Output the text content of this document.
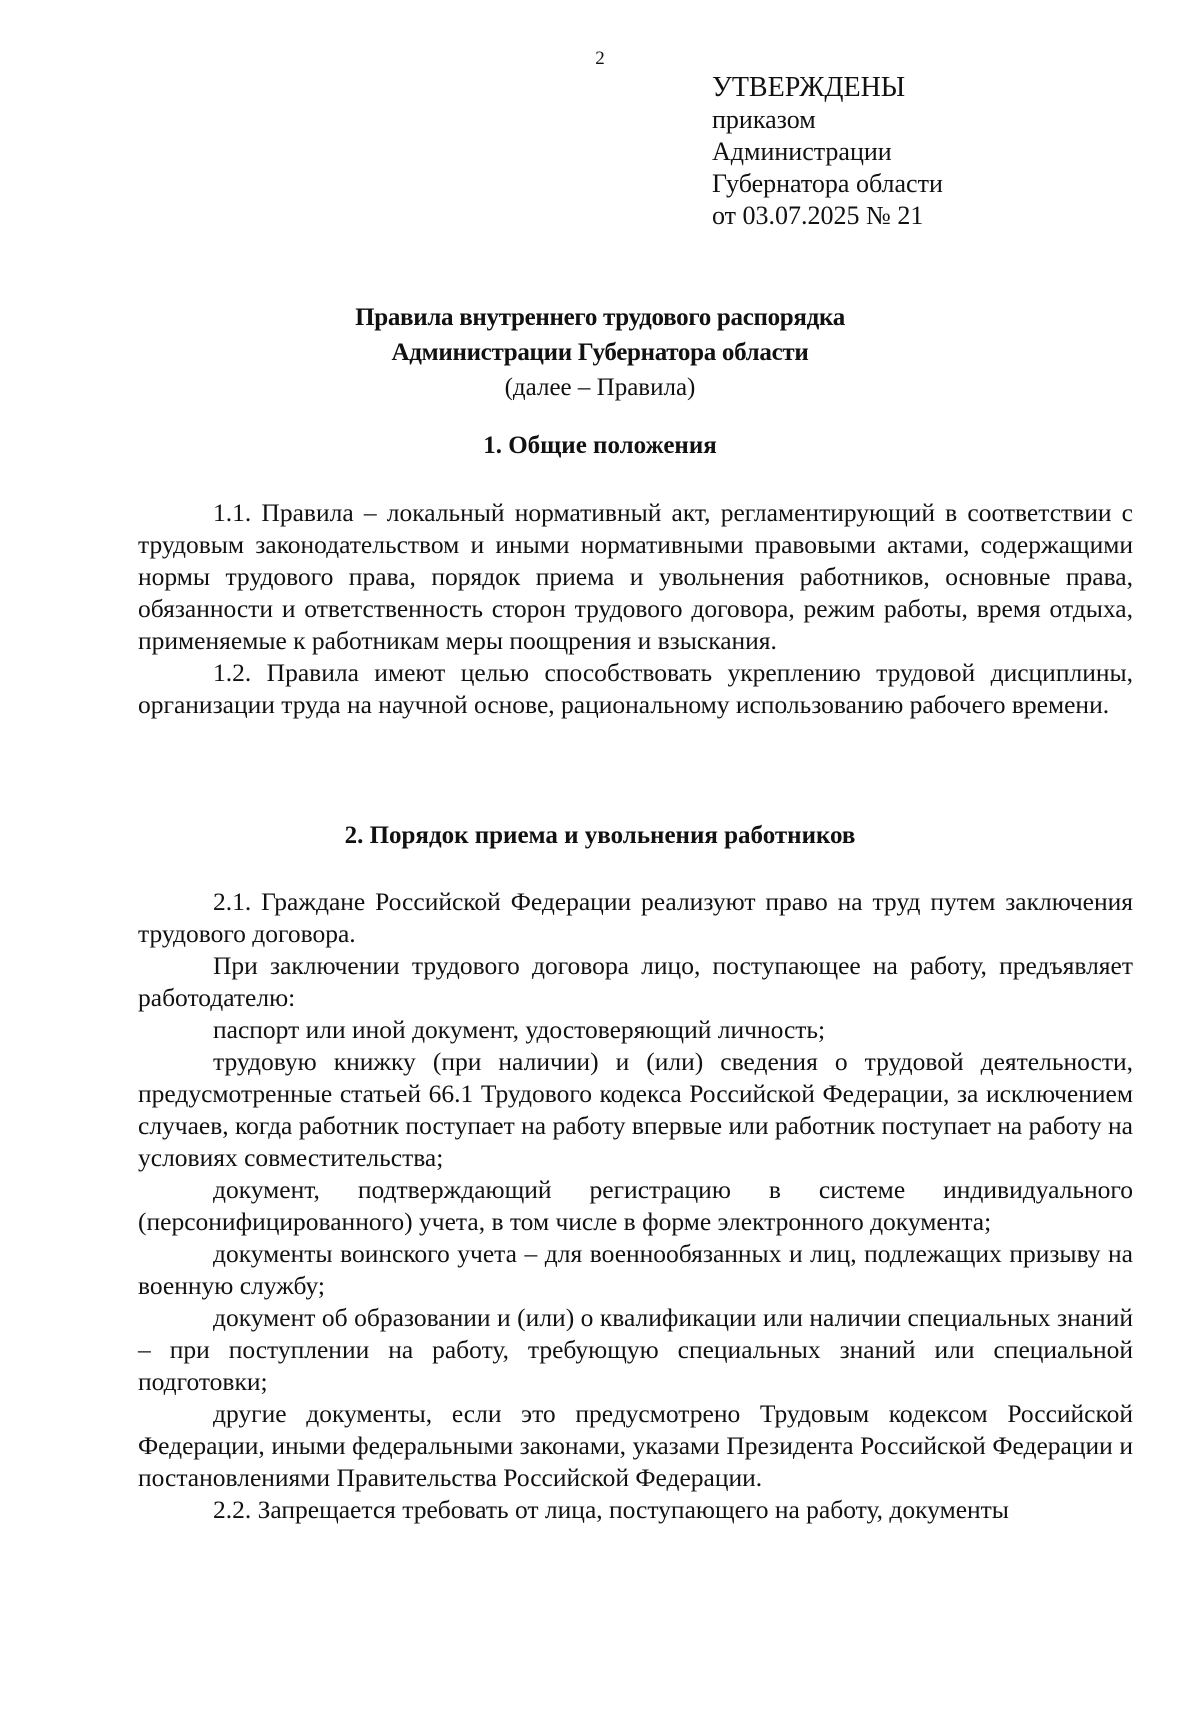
2
УТВЕРЖДЕНЫ
приказом
Администрации
Губернатора области
от 03.07.2025 № 21
Правила внутреннего трудового распорядка
Администрации Губернатора области
(далее – Правила)
1. Общие положения

1.1. Правила – локальный нормативный акт, регламентирующий в соответствии с трудовым законодательством и иными нормативными правовыми актами, содержащими нормы трудового права, порядок приема и увольнения работников, основные права, обязанности и ответственность сторон трудового договора, режим работы, время отдыха, применяемые к работникам меры поощрения и взыскания.

1.2. Правила имеют целью способствовать укреплению трудовой дисциплины, организации труда на научной основе, рациональному использованию рабочего времени.

2. Порядок приема и увольнения работников

2.1. Граждане Российской Федерации реализуют право на труд путем заключения трудового договора.

При заключении трудового договора лицо, поступающее на работу, предъявляет работодателю:

паспорт или иной документ, удостоверяющий личность;

трудовую книжку (при наличии) и (или) сведения о трудовой деятельности, предусмотренные статьей 66.1 Трудового кодекса Российской Федерации, за исключением случаев, когда работник поступает на работу впервые или работник поступает на работу на условиях совместительства;

документ, подтверждающий регистрацию в системе индивидуального (персонифицированного) учета, в том числе в форме электронного документа;

документы воинского учета – для военнообязанных и лиц, подлежащих призыву на военную службу;

документ об образовании и (или) о квалификации или наличии специальных знаний – при поступлении на работу, требующую специальных знаний или специальной подготовки;

другие документы, если это предусмотрено Трудовым кодексом Российской Федерации, иными федеральными законами, указами Президента Российской Федерации и постановлениями Правительства Российской Федерации.

2.2. Запрещается требовать от лица, поступающего на работу, документы
